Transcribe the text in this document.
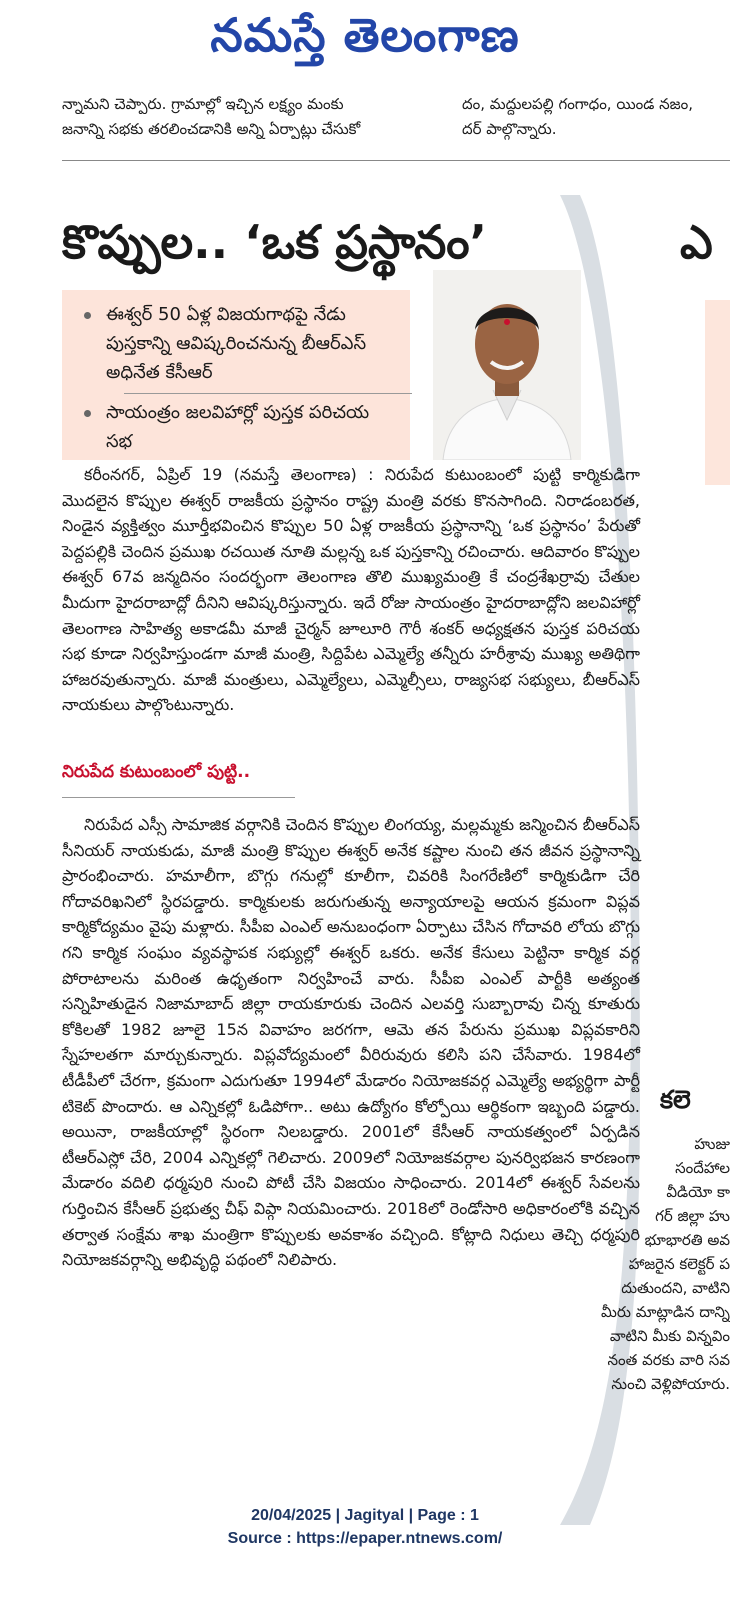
నమస్తే తెలంగాణ
న్నామని చెప్పారు. గ్రామాల్లో ఇచ్చిన లక్ష్యం మంకు
జనాన్ని సభకు తరలించడానికి అన్ని ఏర్పాట్లు చేసుకో
దం, మద్దులపల్లి గంగాధం, యిండ నజం,
దర్ పాల్గొన్నారు.
కొప్పుల.. ‘ఒక ప్రస్థానం’	ఎ
ఈశ్వర్ 50 ఏళ్ల విజయగాథపై నేడు పుస్తకాన్ని ఆవిష్కరించనున్న బీఆర్ఎస్ అధినేత కేసీఆర్
సాయంత్రం జలవిహార్లో పుస్తక పరిచయ సభ

కరీంనగర్, ఏప్రిల్ 19 (నమస్తే తెలంగాణ) : నిరుపేద కుటుంబంలో పుట్టి కార్మికుడిగా మొదలైన కొప్పుల ఈశ్వర్ రాజకీయ ప్రస్థానం రాష్ట్ర మంత్రి వరకు కొనసాగింది. నిరాడంబరత, నిండైన వ్యక్తిత్వం మూర్తీభవించిన కొప్పుల 50 ఏళ్ల రాజకీయ ప్రస్థానాన్ని ‘ఒక ప్రస్థానం’ పేరుతో పెద్దపల్లికి చెందిన ప్రముఖ రచయిత నూతి మల్లన్న ఒక పుస్తకాన్ని రచించారు. ఆదివారం కొప్పుల ఈశ్వర్ 67వ జన్మదినం సందర్భంగా తెలంగాణ తొలి ముఖ్యమంత్రి కే చంద్రశేఖర్రావు చేతుల మీదుగా హైదరాబాద్లో దీనిని ఆవిష్కరిస్తున్నారు. ఇదే రోజు సాయంత్రం హైదరాబాద్లోని జలవిహార్లో తెలంగాణ సాహిత్య అకాడమీ మాజీ చైర్మన్ జూలూరి గౌరీ శంకర్ అధ్యక్షతన పుస్తక పరిచయ సభ కూడా నిర్వహిస్తుండగా మాజీ మంత్రి, సిద్దిపేట ఎమ్మెల్యే తన్నీరు హరీశ్రావు ముఖ్య అతిథిగా హాజరవుతున్నారు. మాజీ మంత్రులు, ఎమ్మెల్యేలు, ఎమ్మెల్సీలు, రాజ్యసభ సభ్యులు, బీఆర్ఎస్ నాయకులు పాల్గొంటున్నారు.

నిరుపేద కుటుంబంలో పుట్టి..

నిరుపేద ఎస్సీ సామాజిక వర్గానికి చెందిన కొప్పుల లింగయ్య, మల్లమ్మకు జన్మించిన బీఆర్ఎస్ సీనియర్ నాయకుడు, మాజీ మంత్రి కొప్పుల ఈశ్వర్ అనేక కష్టాల నుంచి తన జీవన ప్రస్థానాన్ని ప్రారంభించారు. హమాలీగా, బొగ్గు గనుల్లో కూలీగా, చివరికి సింగరేణిలో కార్మికుడిగా చేరి గోదావరిఖనిలో స్థిరపడ్డారు. కార్మికులకు జరుగుతున్న అన్యాయాలపై ఆయన క్రమంగా విప్లవ కార్మికోద్యమం వైపు మళ్లారు. సీపీఐ ఎంఎల్ అనుబంధంగా ఏర్పాటు చేసిన గోదావరి లోయ బొగ్గు గని కార్మిక సంఘం వ్యవస్థాపక సభ్యుల్లో ఈశ్వర్ ఒకరు. అనేక కేసులు పెట్టినా కార్మిక వర్గ పోరాటాలను మరింత ఉధృతంగా నిర్వహించే వారు. సీపీఐ ఎంఎల్ పార్టీకి అత్యంత సన్నిహితుడైన నిజామాబాద్ జిల్లా రాయకూరుకు చెందిన ఎలవర్తి సుబ్బారావు చిన్న కూతురు కోకిలతో 1982 జూలై 15న వివాహం జరగగా, ఆమె తన పేరును ప్రముఖ విప్లవకారిని స్నేహలతగా మార్చుకున్నారు. విప్లవోద్యమంలో వీరిరువురు కలిసి పని చేసేవారు. 1984లో టీడీపీలో చేరగా, క్రమంగా ఎదుగుతూ 1994లో మేడారం నియోజకవర్గ ఎమ్మెల్యే అభ్యర్థిగా పార్టీ టికెట్ పొందారు. ఆ ఎన్నికల్లో ఓడిపోగా.. అటు ఉద్యోగం కోల్పోయి ఆర్థికంగా ఇబ్బంది పడ్డారు. అయినా, రాజకీయాల్లో స్థిరంగా నిలబడ్డారు. 2001లో కేసీఆర్ నాయకత్వంలో ఏర్పడిన టీఆర్ఎస్లో చేరి, 2004 ఎన్నికల్లో గెలిచారు. 2009లో నియోజకవర్గాల పునర్విభజన కారణంగా మేడారం వదిలి ధర్మపురి నుంచి పోటీ చేసి విజయం సాధించారు. 2014లో ఈశ్వర్ సేవలను గుర్తించిన కేసీఆర్ ప్రభుత్వ చీఫ్ విప్గా నియమించారు. 2018లో రెండోసారి అధికారంలోకి వచ్చిన తర్వాత సంక్షేమ శాఖ మంత్రిగా కొప్పులకు అవకాశం వచ్చింది. కోట్లాది నిధులు తెచ్చి ధర్మపురి నియోజకవర్గాన్ని అభివృద్ధి పథంలో నిలిపారు.

కలె
హుజు
సందేహాల
వీడియో కా
గర్ జిల్లా హు
భూభారతి అవ
హాజరైన కలెక్టర్ ప
దుతుందని, వాటిని
మీరు మాట్లాడిన దాన్ని
వాటిని మీకు విన్నవిం
నంత వరకు వారి సవ
నుంచి వెళ్లిపోయారు.
20/04/2025 | Jagityal | Page : 1
Source : https://epaper.ntnews.com/
